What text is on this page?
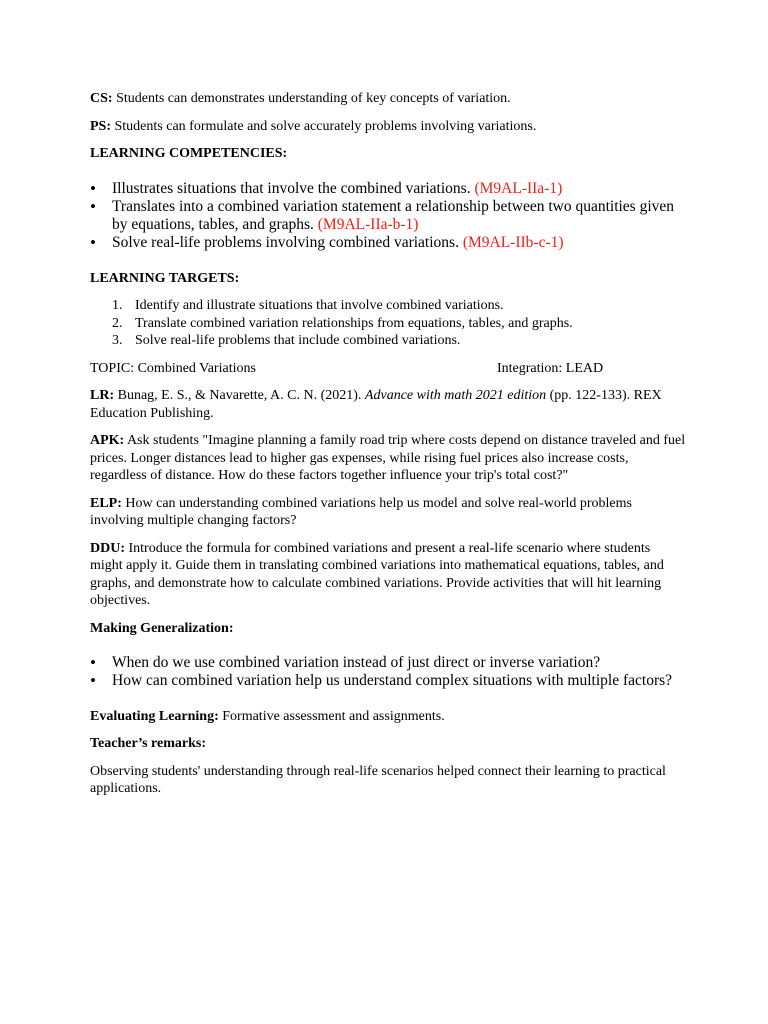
CS: Students can demonstrates understanding of key concepts of variation.

PS: Students can formulate and solve accurately problems involving variations.

LEARNING COMPETENCIES:

• Illustrates situations that involve the combined variations. (M9AL-IIa-1)
• Translates into a combined variation statement a relationship between two quantities given by equations, tables, and graphs. (M9AL-IIa-b-1)
• Solve real-life problems involving combined variations. (M9AL-IIb-c-1)

LEARNING TARGETS:

1. Identify and illustrate situations that involve combined variations.
2. Translate combined variation relationships from equations, tables, and graphs.
3. Solve real-life problems that include combined variations.
TOPIC: Combined Variations	Integration: LEAD

LR: Bunag, E. S., & Navarette, A. C. N. (2021). Advance with math 2021 edition (pp. 122-133). REX Education Publishing.

APK: Ask students "Imagine planning a family road trip where costs depend on distance traveled and fuel prices. Longer distances lead to higher gas expenses, while rising fuel prices also increase costs, regardless of distance. How do these factors together influence your trip's total cost?"

ELP: How can understanding combined variations help us model and solve real-world problems involving multiple changing factors?

DDU: Introduce the formula for combined variations and present a real-life scenario where students might apply it. Guide them in translating combined variations into mathematical equations, tables, and graphs, and demonstrate how to calculate combined variations. Provide activities that will hit learning objectives.

Making Generalization:

• When do we use combined variation instead of just direct or inverse variation?
• How can combined variation help us understand complex situations with multiple factors?

Evaluating Learning: Formative assessment and assignments.

Teacher’s remarks:

Observing students' understanding through real-life scenarios helped connect their learning to practical applications.
